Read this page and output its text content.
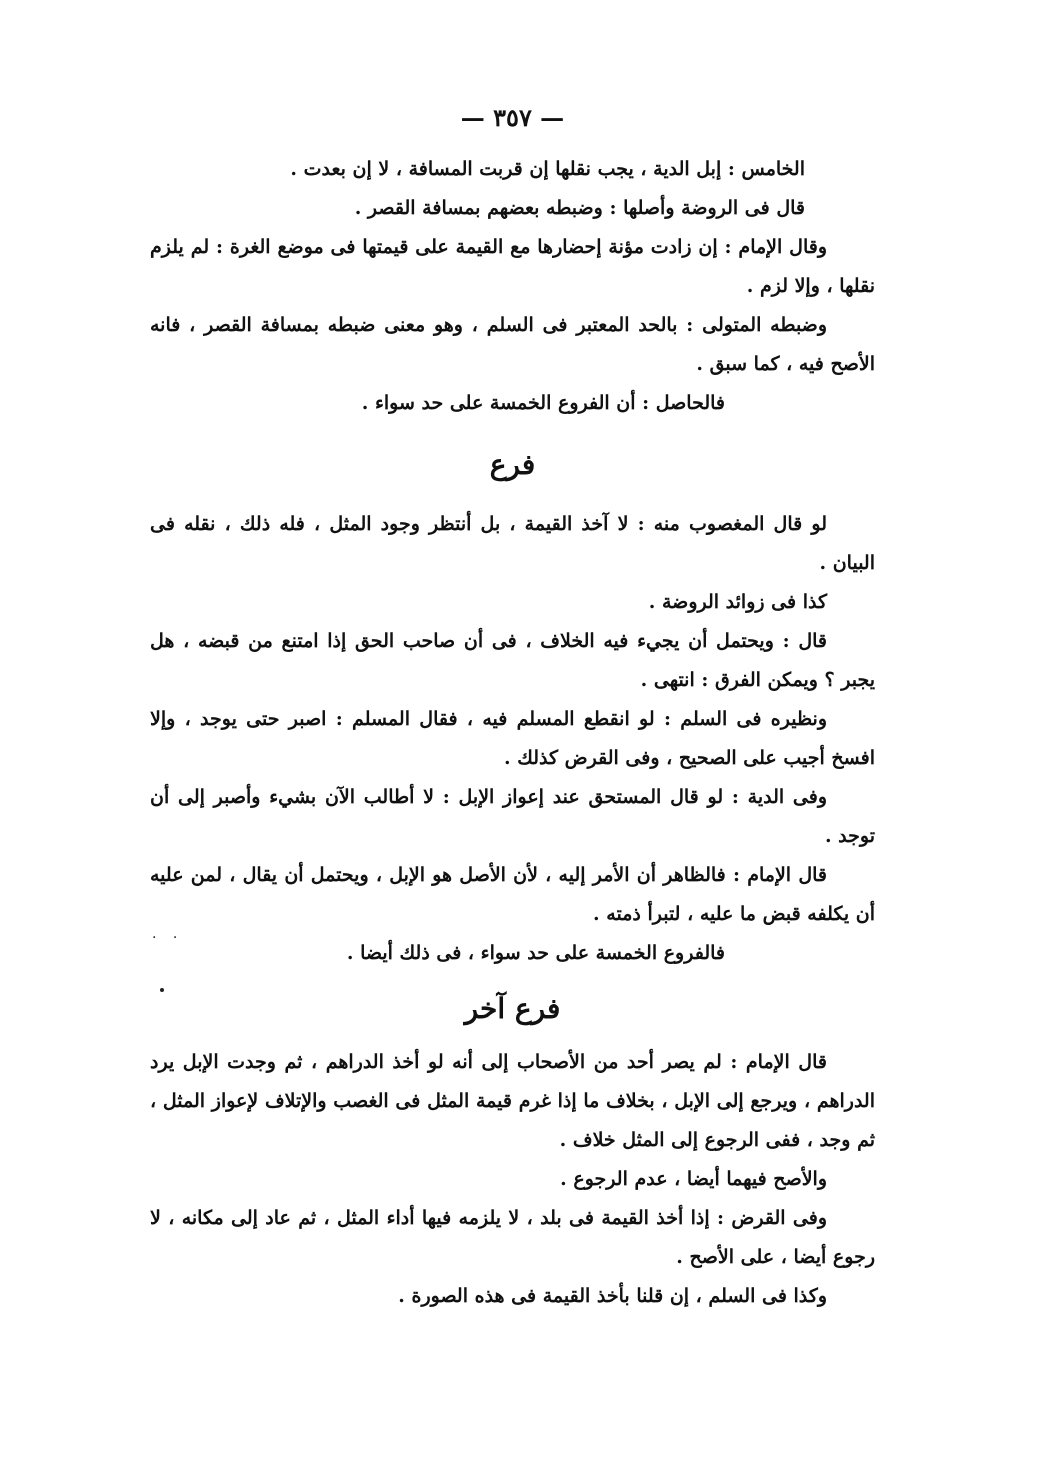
— ٣٥٧ —

الخامس : إبل الدية ، يجب نقلها إن قربت المسافة ، لا إن بعدت .

قال فى الروضة وأصلها : وضبطه بعضهم بمسافة القصر .

وقال الإمام : إن زادت مؤنة إحضارها مع القيمة على قيمتها فى موضع الغرة : لم يلزم نقلها ، وإلا لزم .

وضبطه المتولى : بالحد المعتبر فى السلم ، وهو معنى ضبطه بمسافة القصر ، فانه الأصح فيه ، كما سبق .

فالحاصل : أن الفروع الخمسة على حد سواء .

فرع

لو قال المغصوب منه : لا آخذ القيمة ، بل أنتظر وجود المثل ، فله ذلك ، نقله فى البيان .

كذا فى زوائد الروضة .

قال : ويحتمل أن يجيء فيه الخلاف ، فى أن صاحب الحق إذا امتنع من قبضه ، هل يجبر ؟ ويمكن الفرق : انتهى .

ونظيره فى السلم : لو انقطع المسلم فيه ، فقال المسلم : اصبر حتى يوجد ، وإلا افسخ أجيب على الصحيح ، وفى القرض كذلك .

وفى الدية : لو قال المستحق عند إعواز الإبل : لا أطالب الآن بشيء وأصبر إلى أن توجد .

قال الإمام : فالظاهر أن الأمر إليه ، لأن الأصل هو الإبل ، ويحتمل أن يقال ، لمن عليه أن يكلفه قبض ما عليه ، لتبرأ ذمته .

فالفروع الخمسة على حد سواء ، فى ذلك أيضا .

فرع آخر

قال الإمام : لم يصر أحد من الأصحاب إلى أنه لو أخذ الدراهم ، ثم وجدت الإبل يرد الدراهم ، ويرجع إلى الإبل ، بخلاف ما إذا غرم قيمة المثل فى الغصب والإتلاف لإعواز المثل ، ثم وجد ، ففى الرجوع إلى المثل خلاف .

والأصح فيهما أيضا ، عدم الرجوع .

وفى القرض : إذا أخذ القيمة فى بلد ، لا يلزمه فيها أداء المثل ، ثم عاد إلى مكانه ، لا رجوع أيضا ، على الأصح .

وكذا فى السلم ، إن قلنا بأخذ القيمة فى هذه الصورة .

· ·
